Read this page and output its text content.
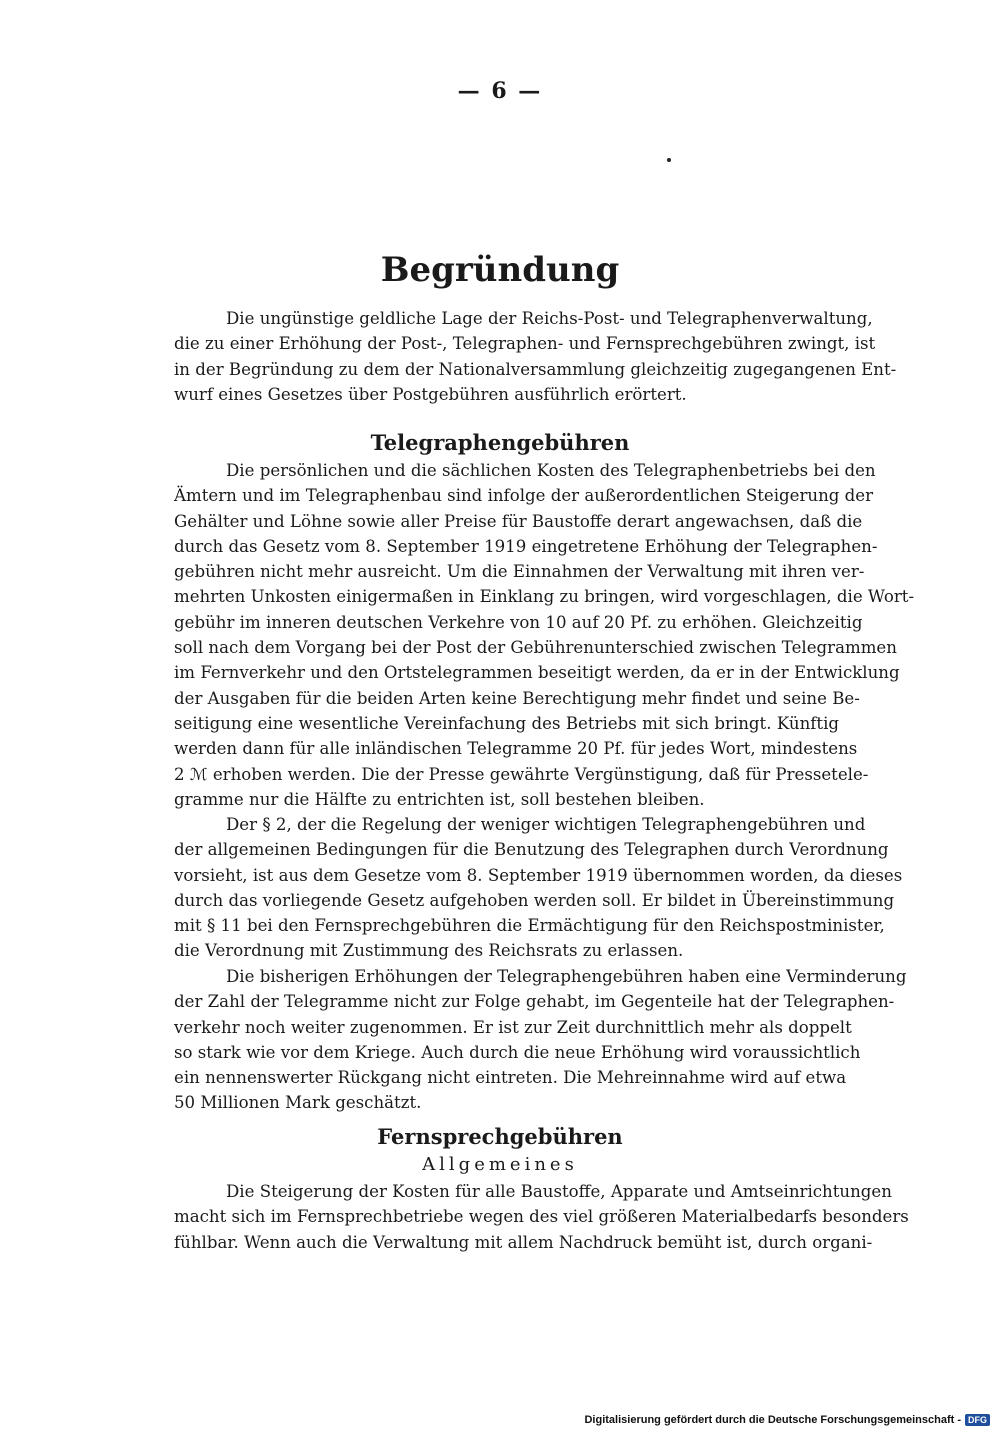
— 6 —
Begründung
Die ungünstige geldliche Lage der Reichs-Post- und Telegraphenverwaltung,
die zu einer Erhöhung der Post-, Telegraphen- und Fernsprechgebühren zwingt, ist
in der Begründung zu dem der Nationalversammlung gleichzeitig zugegangenen Ent-
wurf eines Gesetzes über Postgebühren ausführlich erörtert.
Telegraphengebühren
Die persönlichen und die sächlichen Kosten des Telegraphenbetriebs bei den
Ämtern und im Telegraphenbau sind infolge der außerordentlichen Steigerung der
Gehälter und Löhne sowie aller Preise für Baustoffe derart angewachsen, daß die
durch das Gesetz vom 8. September 1919 eingetretene Erhöhung der Telegraphen-
gebühren nicht mehr ausreicht. Um die Einnahmen der Verwaltung mit ihren ver-
mehrten Unkosten einigermaßen in Einklang zu bringen, wird vorgeschlagen, die Wort-
gebühr im inneren deutschen Verkehre von 10 auf 20 Pf. zu erhöhen. Gleichzeitig
soll nach dem Vorgang bei der Post der Gebührenunterschied zwischen Telegrammen
im Fernverkehr und den Ortstelegrammen beseitigt werden, da er in der Entwicklung
der Ausgaben für die beiden Arten keine Berechtigung mehr findet und seine Be-
seitigung eine wesentliche Vereinfachung des Betriebs mit sich bringt. Künftig
werden dann für alle inländischen Telegramme 20 Pf. für jedes Wort, mindestens
2 ℳ erhoben werden. Die der Presse gewährte Vergünstigung, daß für Pressetele-
gramme nur die Hälfte zu entrichten ist, soll bestehen bleiben.
Der § 2, der die Regelung der weniger wichtigen Telegraphengebühren und
der allgemeinen Bedingungen für die Benutzung des Telegraphen durch Verordnung
vorsieht, ist aus dem Gesetze vom 8. September 1919 übernommen worden, da dieses
durch das vorliegende Gesetz aufgehoben werden soll. Er bildet in Übereinstimmung
mit § 11 bei den Fernsprechgebühren die Ermächtigung für den Reichspostminister,
die Verordnung mit Zustimmung des Reichsrats zu erlassen.
Die bisherigen Erhöhungen der Telegraphengebühren haben eine Verminderung
der Zahl der Telegramme nicht zur Folge gehabt, im Gegenteile hat der Telegraphen-
verkehr noch weiter zugenommen. Er ist zur Zeit durchnittlich mehr als doppelt
so stark wie vor dem Kriege. Auch durch die neue Erhöhung wird voraussichtlich
ein nennenswerter Rückgang nicht eintreten. Die Mehreinnahme wird auf etwa
50 Millionen Mark geschätzt.
Fernsprechgebühren
Allgemeines
Die Steigerung der Kosten für alle Baustoffe, Apparate und Amtseinrichtungen
macht sich im Fernsprechbetriebe wegen des viel größeren Materialbedarfs besonders
fühlbar. Wenn auch die Verwaltung mit allem Nachdruck bemüht ist, durch organi-
Digitalisierung gefördert durch die Deutsche Forschungsgemeinschaft - DFG
